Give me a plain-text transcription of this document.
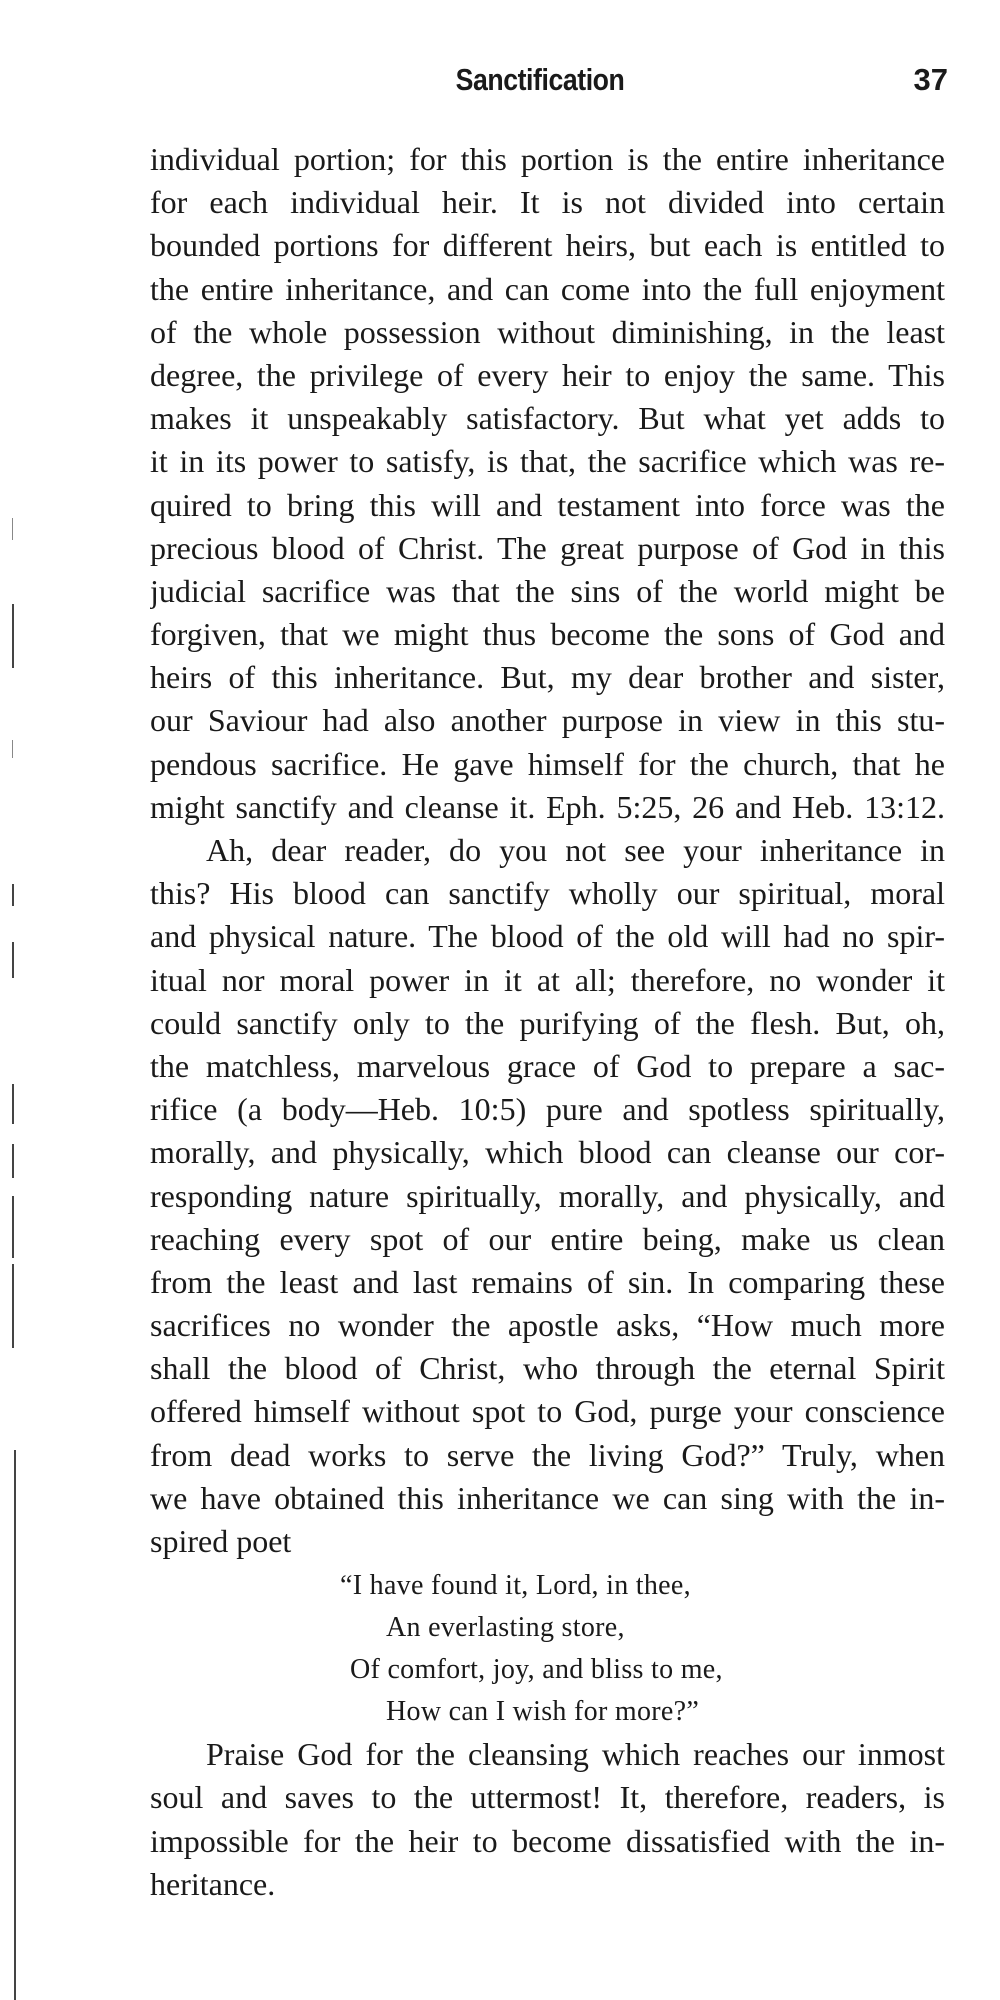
Sanctification	37
individual portion; for this portion is the entire inheritance
for each individual heir. It is not divided into certain
bounded portions for different heirs, but each is entitled to
the entire inheritance, and can come into the full enjoyment
of the whole possession without diminishing, in the least
degree, the privilege of every heir to enjoy the same. This
makes it unspeakably satisfactory. But what yet adds to
it in its power to satisfy, is that, the sacrifice which was re-
quired to bring this will and testament into force was the
precious blood of Christ. The great purpose of God in this
judicial sacrifice was that the sins of the world might be
forgiven, that we might thus become the sons of God and
heirs of this inheritance. But, my dear brother and sister,
our Saviour had also another purpose in view in this stu-
pendous sacrifice. He gave himself for the church, that he
might sanctify and cleanse it. Eph. 5:25, 26 and Heb. 13:12.
Ah, dear reader, do you not see your inheritance in
this? His blood can sanctify wholly our spiritual, moral
and physical nature. The blood of the old will had no spir-
itual nor moral power in it at all; therefore, no wonder it
could sanctify only to the purifying of the flesh. But, oh,
the matchless, marvelous grace of God to prepare a sac-
rifice (a body—Heb. 10:5) pure and spotless spiritually,
morally, and physically, which blood can cleanse our cor-
responding nature spiritually, morally, and physically, and
reaching every spot of our entire being, make us clean
from the least and last remains of sin. In comparing these
sacrifices no wonder the apostle asks, “How much more
shall the blood of Christ, who through the eternal Spirit
offered himself without spot to God, purge your conscience
from dead works to serve the living God?” Truly, when
we have obtained this inheritance we can sing with the in-
spired poet
“I have found it, Lord, in thee,
An everlasting store,
Of comfort, joy, and bliss to me,
How can I wish for more?”
Praise God for the cleansing which reaches our inmost
soul and saves to the uttermost! It, therefore, readers, is
impossible for the heir to become dissatisfied with the in-
heritance.
